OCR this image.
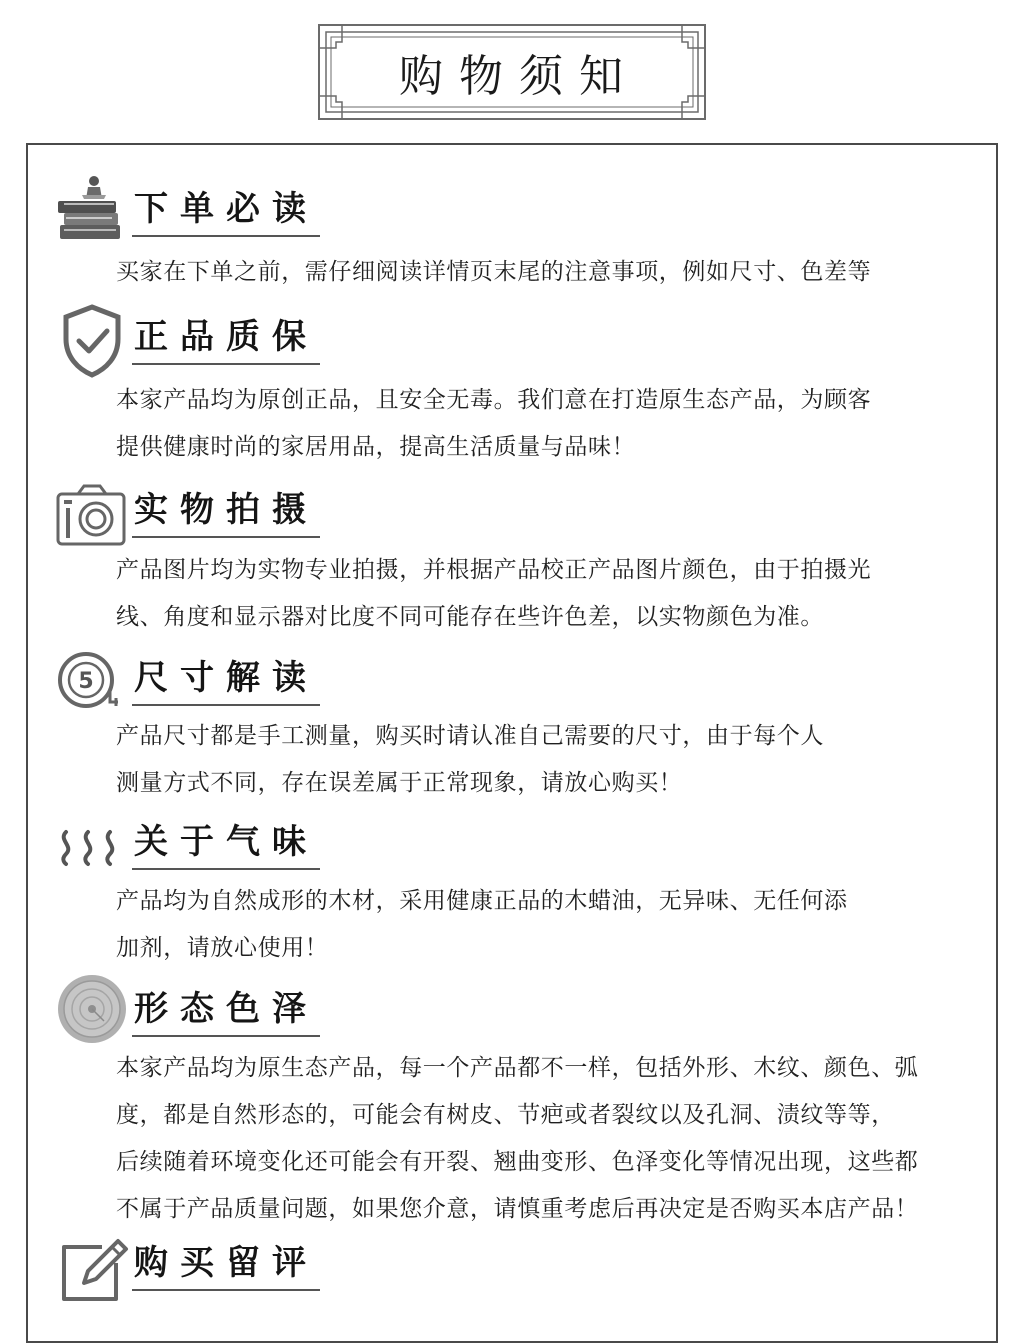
购物须知
下单必读
买家在下单之前，需仔细阅读详情页末尾的注意事项，例如尺寸、色差等
正品质保
本家产品均为原创正品，且安全无毒。我们意在打造原生态产品，为顾客
提供健康时尚的家居用品，提高生活质量与品味！
实物拍摄
产品图片均为实物专业拍摄，并根据产品校正产品图片颜色，由于拍摄光
线、角度和显示器对比度不同可能存在些许色差，以实物颜色为准。
5 尺寸解读
产品尺寸都是手工测量，购买时请认准自己需要的尺寸，由于每个人
测量方式不同，存在误差属于正常现象，请放心购买！
关于气味
产品均为自然成形的木材，采用健康正品的木蜡油，无异味、无任何添
加剂，请放心使用！
形态色泽
本家产品均为原生态产品，每一个产品都不一样，包括外形、木纹、颜色、弧
度，都是自然形态的，可能会有树皮、节疤或者裂纹以及孔洞、渍纹等等，
后续随着环境变化还可能会有开裂、翘曲变形、色泽变化等情况出现，这些都
不属于产品质量问题，如果您介意，请慎重考虑后再决定是否购买本店产品！
购买留评
